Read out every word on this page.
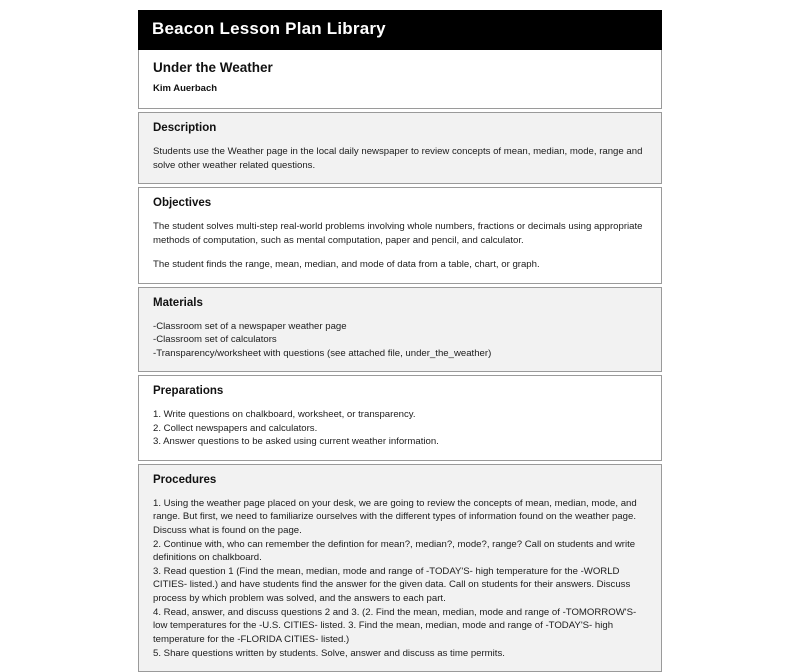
Beacon Lesson Plan Library
Under the Weather
Kim Auerbach
Description

Students use the Weather page in the local daily newspaper to review concepts of mean, median, mode, range and solve other weather related questions.

Objectives

The student solves multi-step real-world problems involving whole numbers, fractions or decimals using appropriate methods of computation, such as mental computation, paper and pencil, and calculator.

The student finds the range, mean, median, and mode of data from a table, chart, or graph.

Materials

-Classroom set of a newspaper weather page

-Classroom set of calculators

-Transparency/worksheet with questions (see attached file, under_the_weather)

Preparations

1. Write questions on chalkboard, worksheet, or transparency.

2. Collect newspapers and calculators.

3. Answer questions to be asked using current weather information.

Procedures

1. Using the weather page placed on your desk, we are going to review the concepts of mean, median, mode, and range. But first, we need to familiarize ourselves with the different types of information found on the weather page. Discuss what is found on the page.

2. Continue with, who can remember the defintion for mean?, median?, mode?, range? Call on students and write definitions on chalkboard.

3. Read question 1 (Find the mean, median, mode and range of -TODAY'S- high temperature for the -WORLD CITIES- listed.) and have students find the answer for the given data. Call on students for their answers. Discuss process by which problem was solved, and the answers to each part.

4. Read, answer, and discuss questions 2 and 3. (2. Find the mean, median, mode and range of -TOMORROW'S- low temperatures for the -U.S. CITIES- listed. 3. Find the mean, median, mode and range of -TODAY'S- high temperature for the -FLORIDA CITIES- listed.)

5. Share questions written by students. Solve, answer and discuss as time permits.
